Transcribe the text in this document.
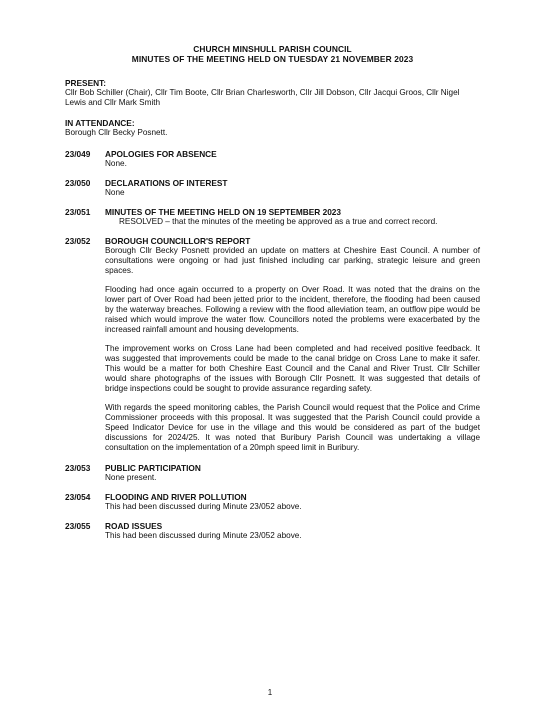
CHURCH MINSHULL PARISH COUNCIL
MINUTES OF THE MEETING HELD ON TUESDAY 21 NOVEMBER 2023
PRESENT:
Cllr Bob Schiller (Chair), Cllr Tim Boote, Cllr Brian Charlesworth, Cllr Jill Dobson, Cllr Jacqui Groos, Cllr Nigel Lewis and Cllr Mark Smith
IN ATTENDANCE:
Borough Cllr Becky Posnett.
23/049	APOLOGIES FOR ABSENCE
None.
23/050	DECLARATIONS OF INTEREST
None
23/051	MINUTES OF THE MEETING HELD ON 19 SEPTEMBER 2023
RESOLVED – that the minutes of the meeting be approved as a true and correct record.
23/052	BOROUGH COUNCILLOR'S REPORT
Borough Cllr Becky Posnett provided an update on matters at Cheshire East Council. A number of consultations were ongoing or had just finished including car parking, strategic leisure and green spaces.
Flooding had once again occurred to a property on Over Road. It was noted that the drains on the lower part of Over Road had been jetted prior to the incident, therefore, the flooding had been caused by the waterway breaches. Following a review with the flood alleviation team, an outflow pipe would be raised which would improve the water flow. Councillors noted the problems were exacerbated by the increased rainfall amount and housing developments.
The improvement works on Cross Lane had been completed and had received positive feedback. It was suggested that improvements could be made to the canal bridge on Cross Lane to make it safer. This would be a matter for both Cheshire East Council and the Canal and River Trust. Cllr Schiller would share photographs of the issues with Borough Cllr Posnett. It was suggested that details of bridge inspections could be sought to provide assurance regarding safety.
With regards the speed monitoring cables, the Parish Council would request that the Police and Crime Commissioner proceeds with this proposal. It was suggested that the Parish Council could provide a Speed Indicator Device for use in the village and this would be considered as part of the budget discussions for 2024/25. It was noted that Buribury Parish Council was undertaking a village consultation on the implementation of a 20mph speed limit in Buribury.
23/053	PUBLIC PARTICIPATION
None present.
23/054	FLOODING AND RIVER POLLUTION
This had been discussed during Minute 23/052 above.
23/055	ROAD ISSUES
This had been discussed during Minute 23/052 above.
1
